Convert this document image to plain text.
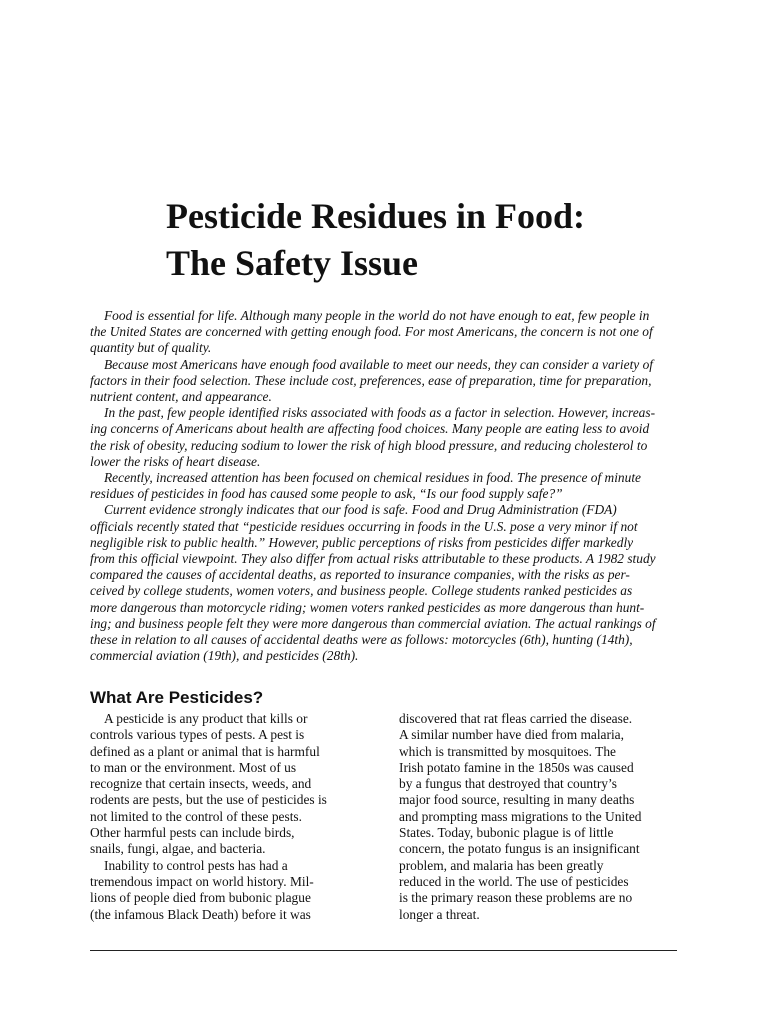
Pesticide Residues in Food:
The Safety Issue
Food is essential for life. Although many people in the world do not have enough to eat, few people in
the United States are concerned with getting enough food. For most Americans, the concern is not one of
quantity but of quality.
Because most Americans have enough food available to meet our needs, they can consider a variety of
factors in their food selection. These include cost, preferences, ease of preparation, time for preparation,
nutrient content, and appearance.
In the past, few people identified risks associated with foods as a factor in selection. However, increas-
ing concerns of Americans about health are affecting food choices. Many people are eating less to avoid
the risk of obesity, reducing sodium to lower the risk of high blood pressure, and reducing cholesterol to
lower the risks of heart disease.
Recently, increased attention has been focused on chemical residues in food. The presence of minute
residues of pesticides in food has caused some people to ask, “Is our food supply safe?”
Current evidence strongly indicates that our food is safe. Food and Drug Administration (FDA)
officials recently stated that “pesticide residues occurring in foods in the U.S. pose a very minor if not
negligible risk to public health.” However, public perceptions of risks from pesticides differ markedly
from this official viewpoint. They also differ from actual risks attributable to these products. A 1982 study
compared the causes of accidental deaths, as reported to insurance companies, with the risks as per-
ceived by college students, women voters, and business people. College students ranked pesticides as
more dangerous than motorcycle riding; women voters ranked pesticides as more dangerous than hunt-
ing; and business people felt they were more dangerous than commercial aviation. The actual rankings of
these in relation to all causes of accidental deaths were as follows: motorcycles (6th), hunting (14th),
commercial aviation (19th), and pesticides (28th).
What Are Pesticides?
A pesticide is any product that kills or
controls various types of pests. A pest is
defined as a plant or animal that is harmful
to man or the environment. Most of us
recognize that certain insects, weeds, and
rodents are pests, but the use of pesticides is
not limited to the control of these pests.
Other harmful pests can include birds,
snails, fungi, algae, and bacteria.
Inability to control pests has had a
tremendous impact on world history. Mil-
lions of people died from bubonic plague
(the infamous Black Death) before it was
discovered that rat fleas carried the disease.
A similar number have died from malaria,
which is transmitted by mosquitoes. The
Irish potato famine in the 1850s was caused
by a fungus that destroyed that country’s
major food source, resulting in many deaths
and prompting mass migrations to the United
States. Today, bubonic plague is of little
concern, the potato fungus is an insignificant
problem, and malaria has been greatly
reduced in the world. The use of pesticides
is the primary reason these problems are no
longer a threat.
